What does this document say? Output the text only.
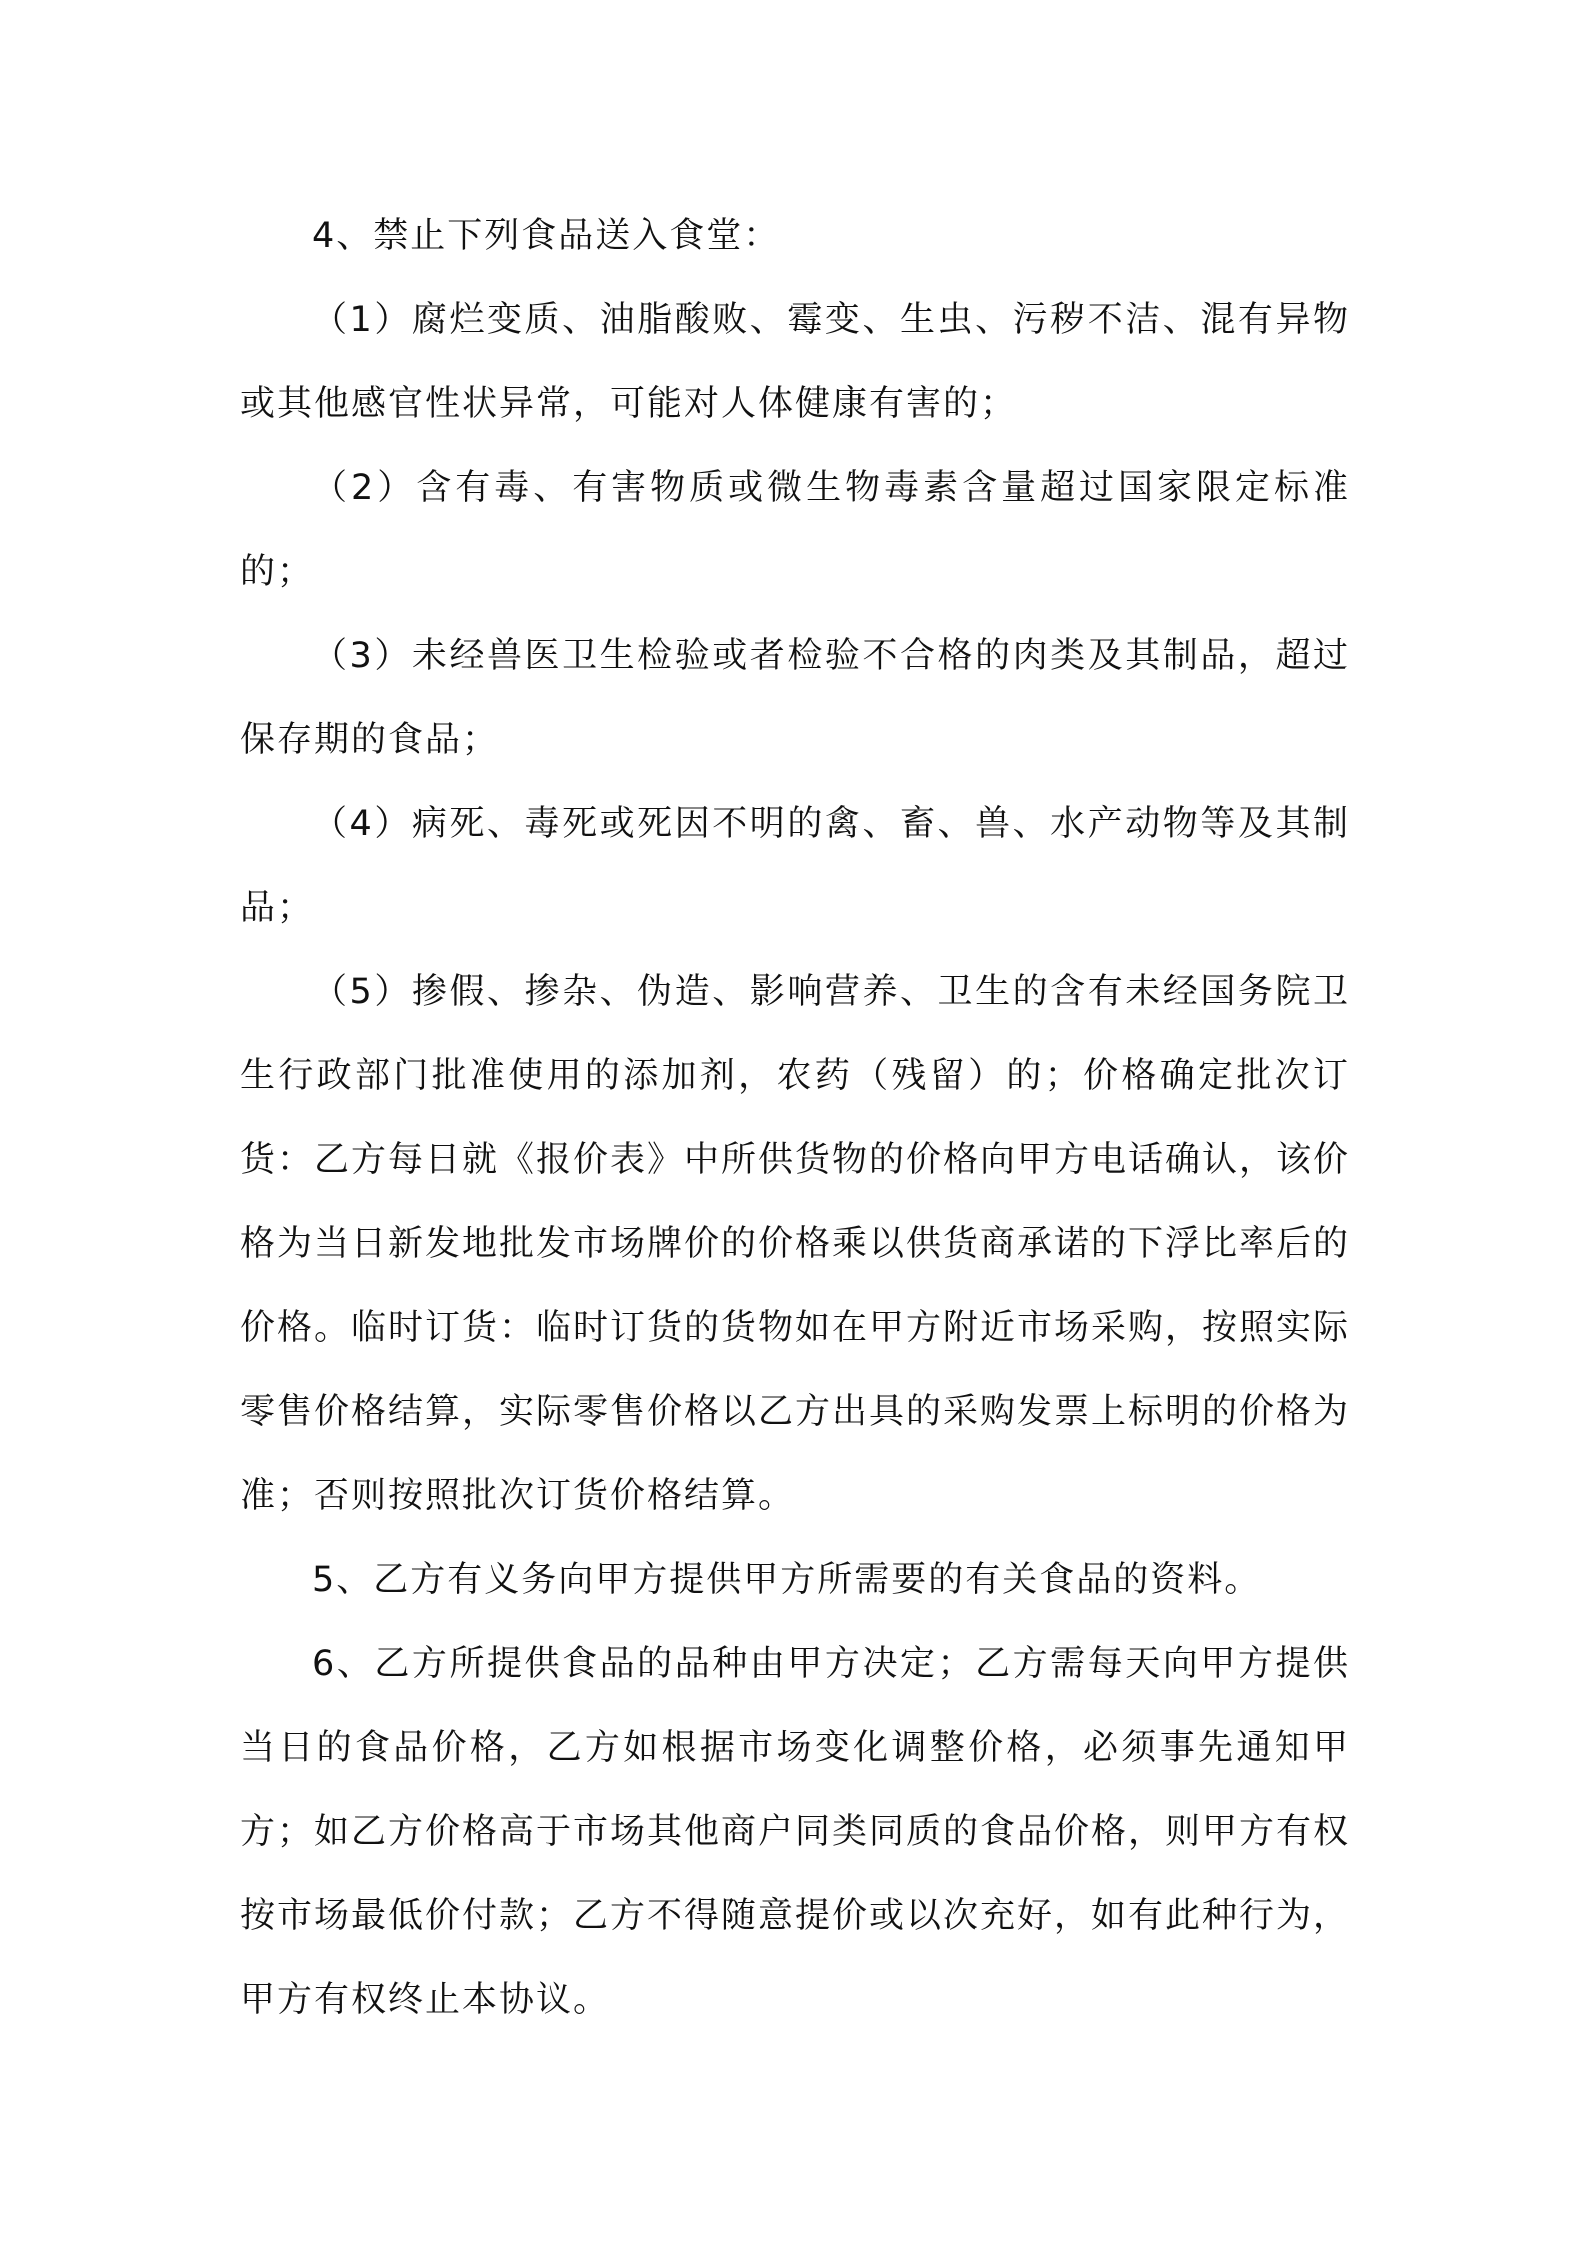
4、禁止下列食品送入食堂：

（1）腐烂变质、油脂酸败、霉变、生虫、污秽不洁、混有异物或其他感官性状异常，可能对人体健康有害的；

（2）含有毒、有害物质或微生物毒素含量超过国家限定标准的；

（3）未经兽医卫生检验或者检验不合格的肉类及其制品，超过保存期的食品；

（4）病死、毒死或死因不明的禽、畜、兽、水产动物等及其制品；

（5）掺假、掺杂、伪造、影响营养、卫生的含有未经国务院卫生行政部门批准使用的添加剂，农药（残留）的；价格确定批次订货：乙方每日就《报价表》中所供货物的价格向甲方电话确认，该价格为当日新发地批发市场牌价的价格乘以供货商承诺的下浮比率后的价格。临时订货：临时订货的货物如在甲方附近市场采购，按照实际零售价格结算，实际零售价格以乙方出具的采购发票上标明的价格为准；否则按照批次订货价格结算。

5、乙方有义务向甲方提供甲方所需要的有关食品的资料。

6、乙方所提供食品的品种由甲方决定；乙方需每天向甲方提供当日的食品价格，乙方如根据市场变化调整价格，必须事先通知甲方；如乙方价格高于市场其他商户同类同质的食品价格，则甲方有权按市场最低价付款；乙方不得随意提价或以次充好，如有此种行为，甲方有权终止本协议。
